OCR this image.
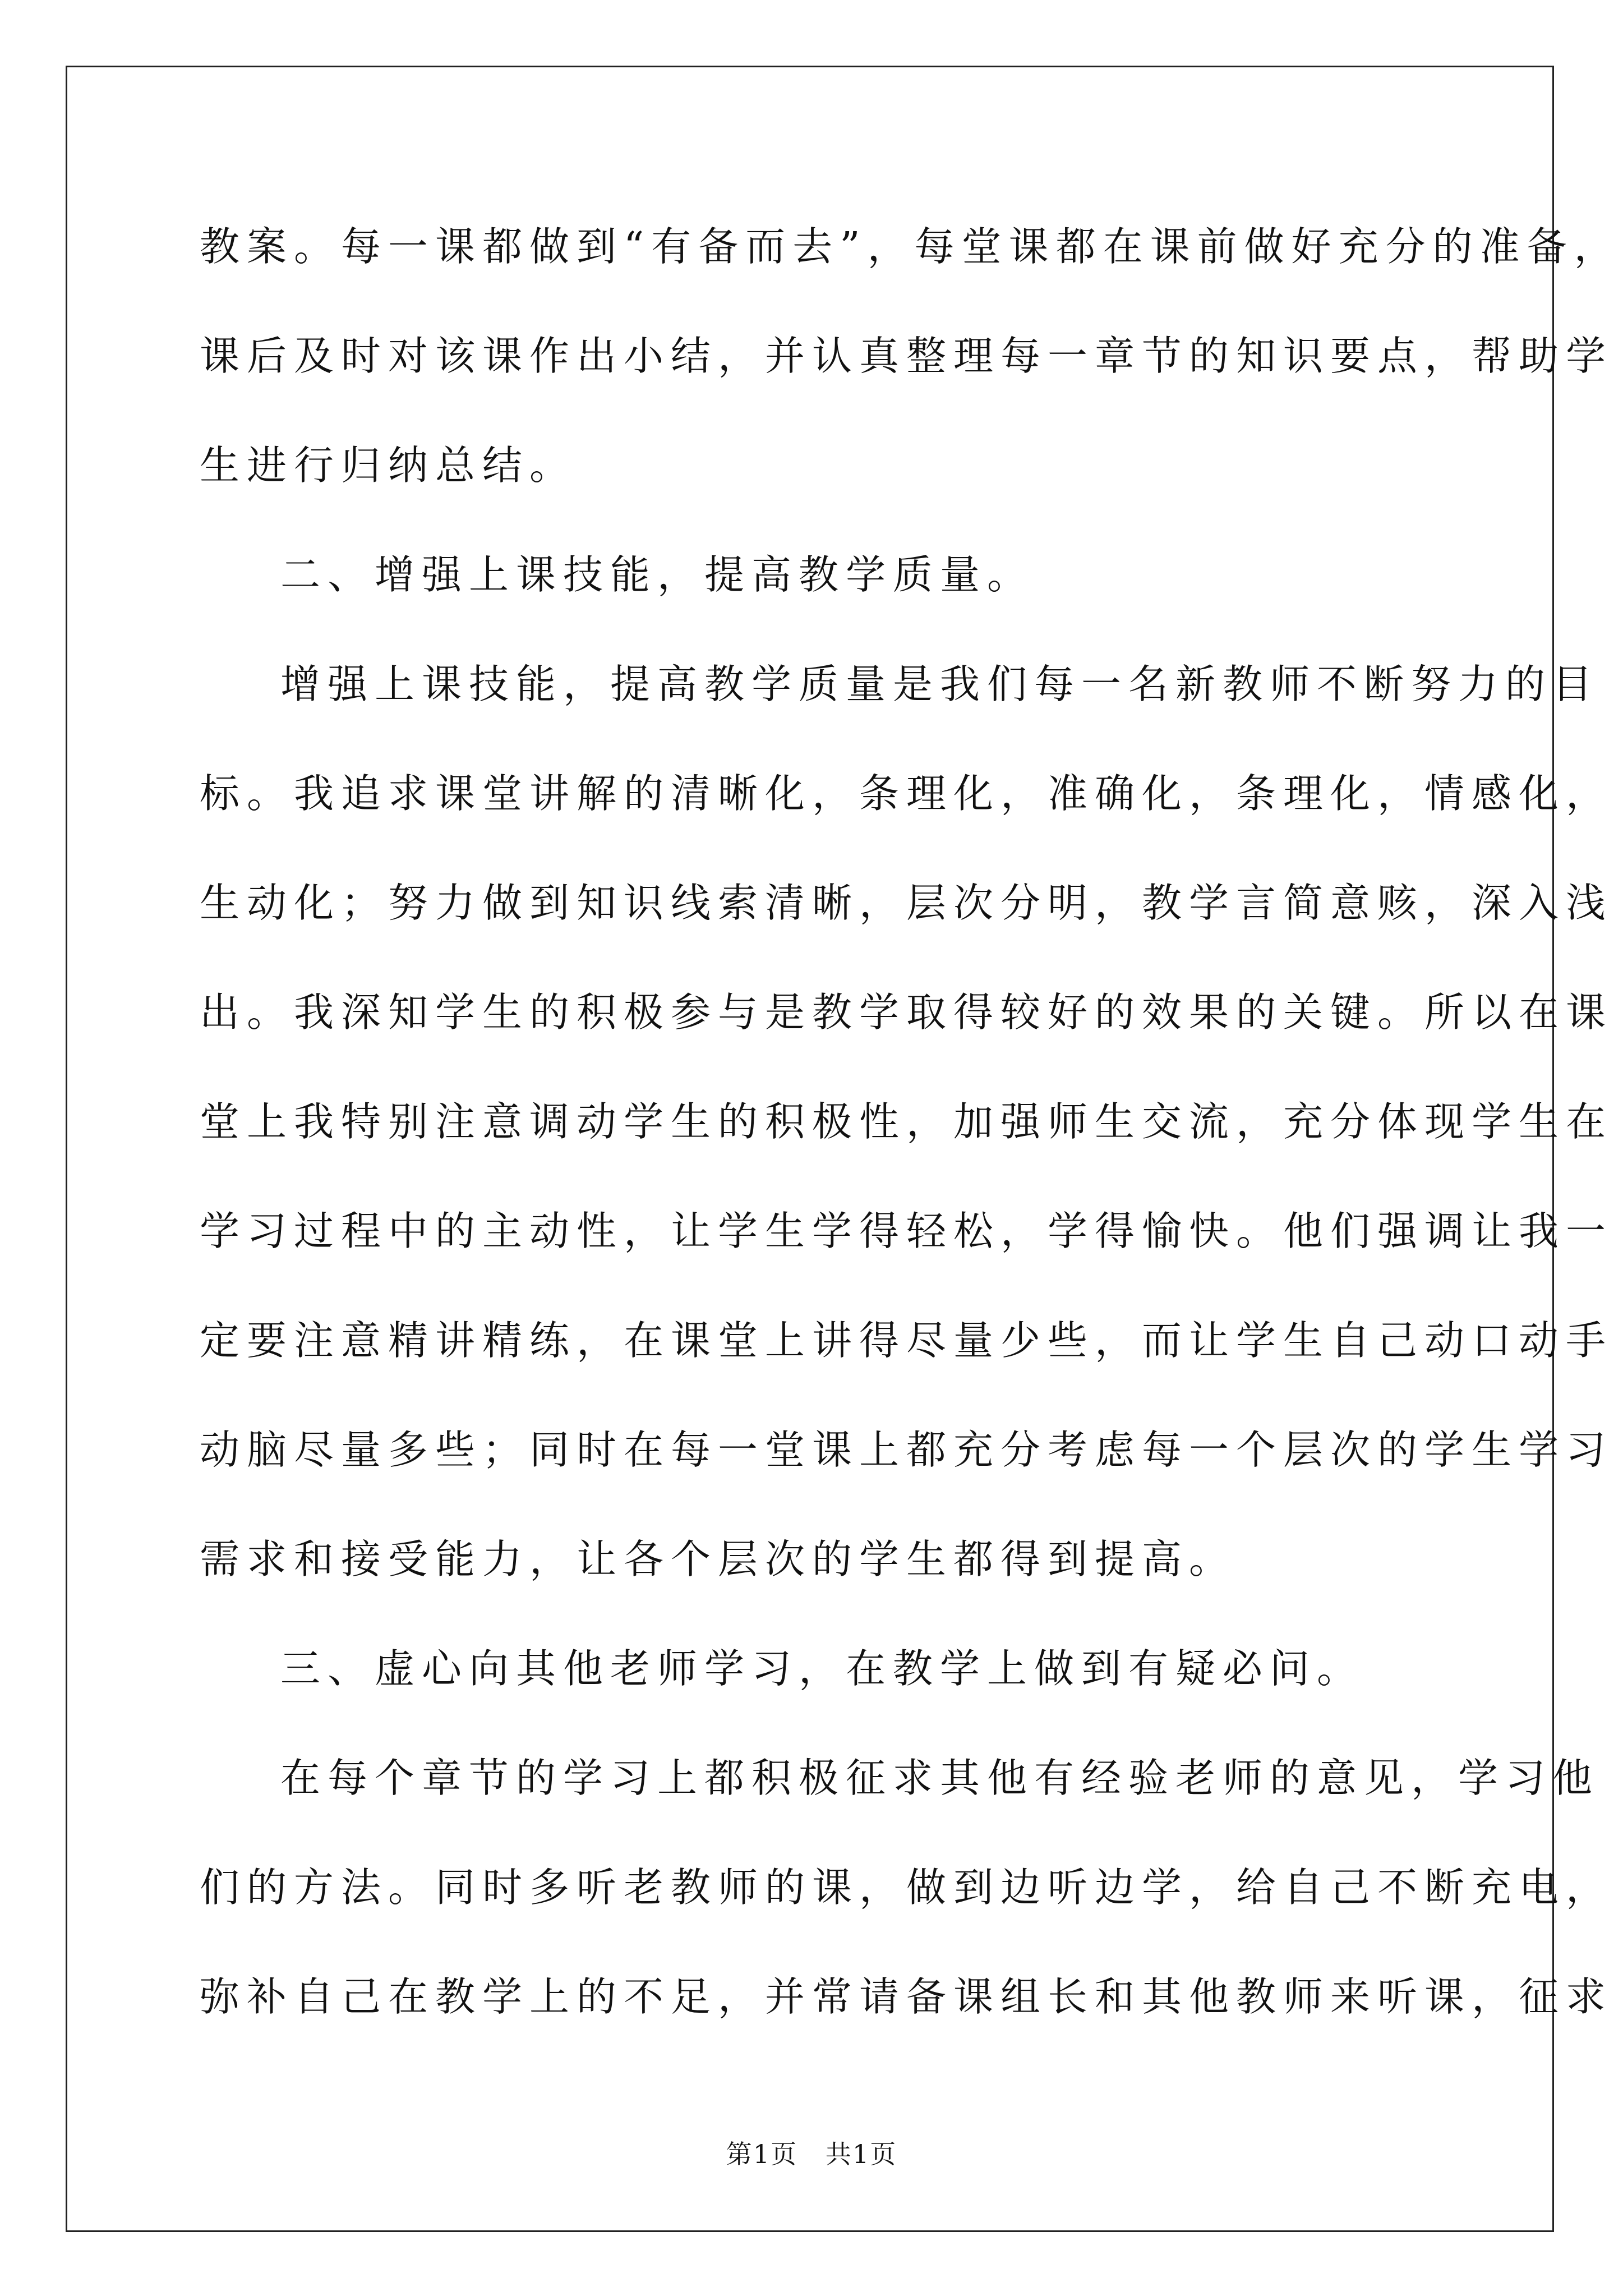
教案。每一课都做到“有备而去”，每堂课都在课前做好充分的准备，
课后及时对该课作出小结，并认真整理每一章节的知识要点，帮助学
生进行归纳总结。
二、增强上课技能，提高教学质量。
增强上课技能，提高教学质量是我们每一名新教师不断努力的目
标。我追求课堂讲解的清晰化，条理化，准确化，条理化，情感化，
生动化；努力做到知识线索清晰，层次分明，教学言简意赅，深入浅
出。我深知学生的积极参与是教学取得较好的效果的关键。所以在课
堂上我特别注意调动学生的积极性，加强师生交流，充分体现学生在
学习过程中的主动性，让学生学得轻松，学得愉快。他们强调让我一
定要注意精讲精练，在课堂上讲得尽量少些，而让学生自己动口动手
动脑尽量多些；同时在每一堂课上都充分考虑每一个层次的学生学习
需求和接受能力，让各个层次的学生都得到提高。
三、虚心向其他老师学习，在教学上做到有疑必问。
在每个章节的学习上都积极征求其他有经验老师的意见，学习他
们的方法。同时多听老教师的课，做到边听边学，给自己不断充电，
弥补自己在教学上的不足，并常请备课组长和其他教师来听课，征求
第1页   共1页
